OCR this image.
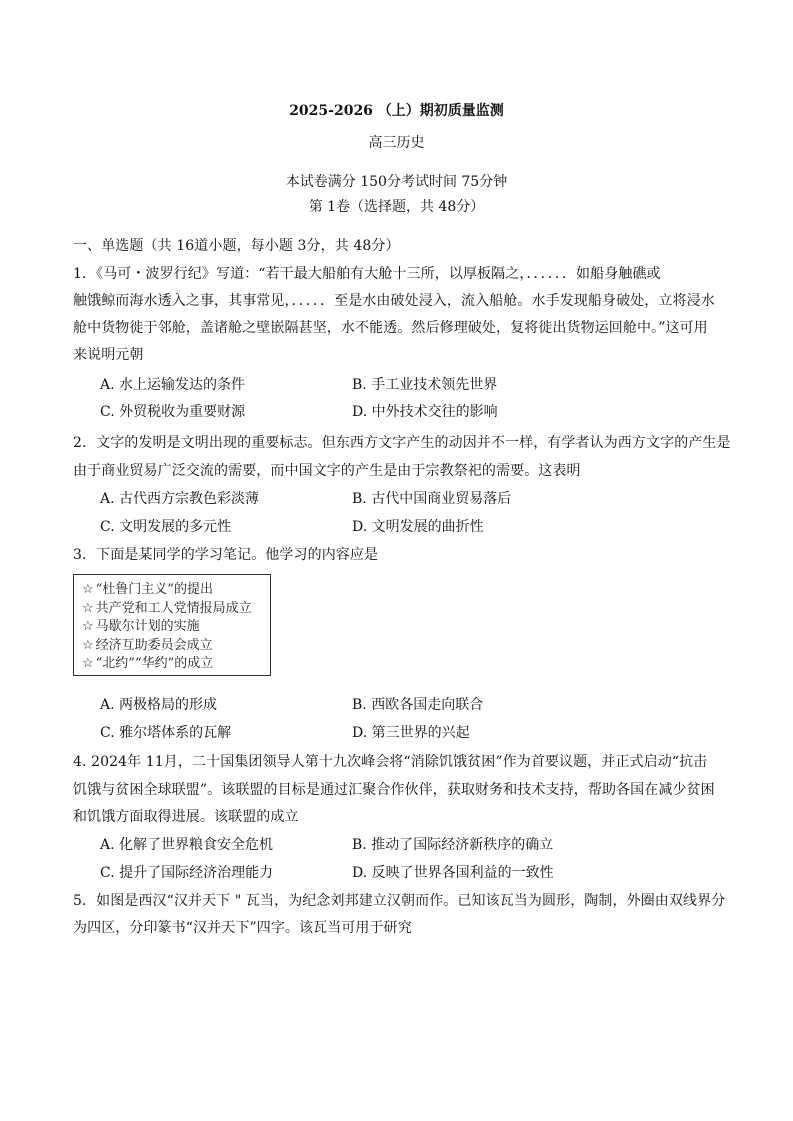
2025-2026 （上）期初质量监测
高三历史
本试卷满分 150分考试时间 75分钟
第 1卷（选择题，共 48分）
一、单选题（共 16道小题，每小题 3分，共 48分）
1．《马可・波罗行纪》写道：“若干最大船舶有大舱十三所，以厚板隔之，．．．．．．如船身触礁或
触饿鲸而海水透入之事，其事常见，．．．．．至是水由破处浸入，流入船舱。水手发现船身破处，立将浸水
舱中货物徙于邻舱，盖诸舱之壁嵌隔甚坚，水不能透。然后修理破处，复将徙出货物运回舱中。”这可用
来说明元朝
A. 水上运输发达的条件	B. 手工业技术领先世界
C. 外贸税收为重要财源	D. 中外技术交往的影响
2．文字的发明是文明出现的重要标志。但东西方文字产生的动因并不一样，有学者认为西方文字的产生是
由于商业贸易广泛交流的需要，而中国文字的产生是由于宗教祭祀的需要。这表明
A. 古代西方宗教色彩淡薄	B. 古代中国商业贸易落后
C. 文明发展的多元性	D. 文明发展的曲折性
3．下面是某同学的学习笔记。他学习的内容应是
☆ “杜鲁门主义”的提出
☆ 共产党和工人党情报局成立
☆ 马歇尔计划的实施
☆ 经济互助委员会成立
☆ “北约”“华约”的成立
A. 两极格局的形成	B. 西欧各国走向联合
C. 雅尔塔体系的瓦解	D. 第三世界的兴起
4. 2024年 11月，二十国集团领导人第十九次峰会将“消除饥饿贫困”作为首要议题，并正式启动“抗击
饥饿与贫困全球联盟”。该联盟的目标是通过汇聚合作伙伴，获取财务和技术支持，帮助各国在减少贫困
和饥饿方面取得进展。该联盟的成立
A. 化解了世界粮食安全危机	B. 推动了国际经济新秩序的确立
C. 提升了国际经济治理能力	D. 反映了世界各国利益的一致性
5．如图是西汉“汉并天下 " 瓦当，为纪念刘邦建立汉朝而作。已知该瓦当为圆形，陶制，外圈由双线界分
为四区，分印篆书“汉并天下”四字。该瓦当可用于研究
